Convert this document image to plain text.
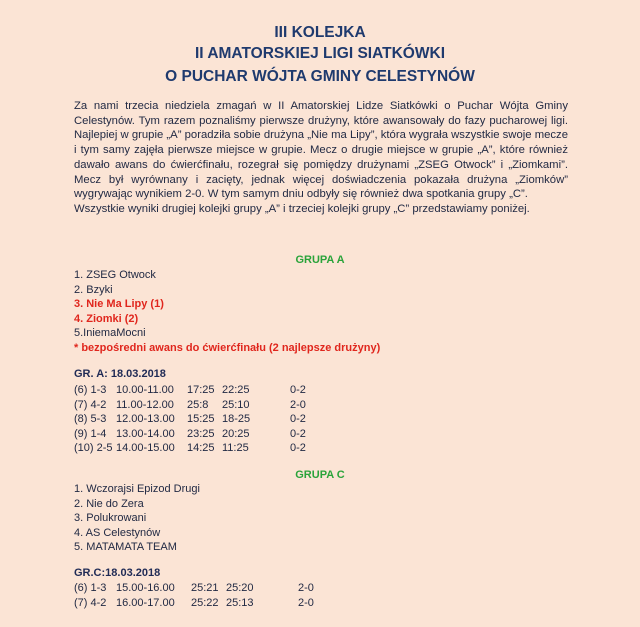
III KOLEJKA
II AMATORSKIEJ LIGI SIATKÓWKI
O PUCHAR WÓJTA GMINY CELESTYNÓW

Za nami trzecia niedziela zmagań w II Amatorskiej Lidze Siatkówki o Puchar Wójta Gminy Celestynów. Tym razem poznaliśmy pierwsze drużyny, które awansowały do fazy pucharowej ligi. Najlepiej w grupie „A” poradziła sobie drużyna „Nie ma Lipy”, która wygrała wszystkie swoje mecze i tym samy zajęła pierwsze miejsce w grupie. Mecz o drugie miejsce w grupie „A”, które również dawało awans do ćwierćfinału, rozegrał się pomiędzy drużynami „ZSEG Otwock” i „Ziomkami”. Mecz był wyrównany i zacięty, jednak więcej doświadczenia pokazała drużyna „Ziomków” wygrywając wynikiem 2-0. W tym samym dniu odbyły się również dwa spotkania grupy „C”.

Wszystkie wyniki drugiej kolejki grupy „A” i trzeciej kolejki grupy „C” przedstawiamy poniżej.

GRUPA A
1. ZSEG Otwock
2. Bzyki
3. Nie Ma Lipy (1)
4. Ziomki (2)
5.IniemaMocni
* bezpośredni awans do ćwierćfinału (2 najlepsze drużyny)
GR. A: 18.03.2018
(6) 1-3 10.00-11.00 17:25 22:25	0-2
(7) 4-2 11.00-12.00 25:8 25:10	2-0
(8) 5-3 12.00-13.00 15:25 18-25	0-2
(9) 1-4 13.00-14.00 23:25 20:25	0-2
(10) 2-5 14.00-15.00 14:25 11:25	0-2
GRUPA C
1. Wczorajsi Epizod Drugi
2. Nie do Zera
3. Polukrowani
4. AS Celestynów
5. MATAMATA TEAM
GR.C:18.03.2018
(6) 1-3 15.00-16.00 25:21 25:20	2-0
(7) 4-2 16.00-17.00 25:22 25:13	2-0
